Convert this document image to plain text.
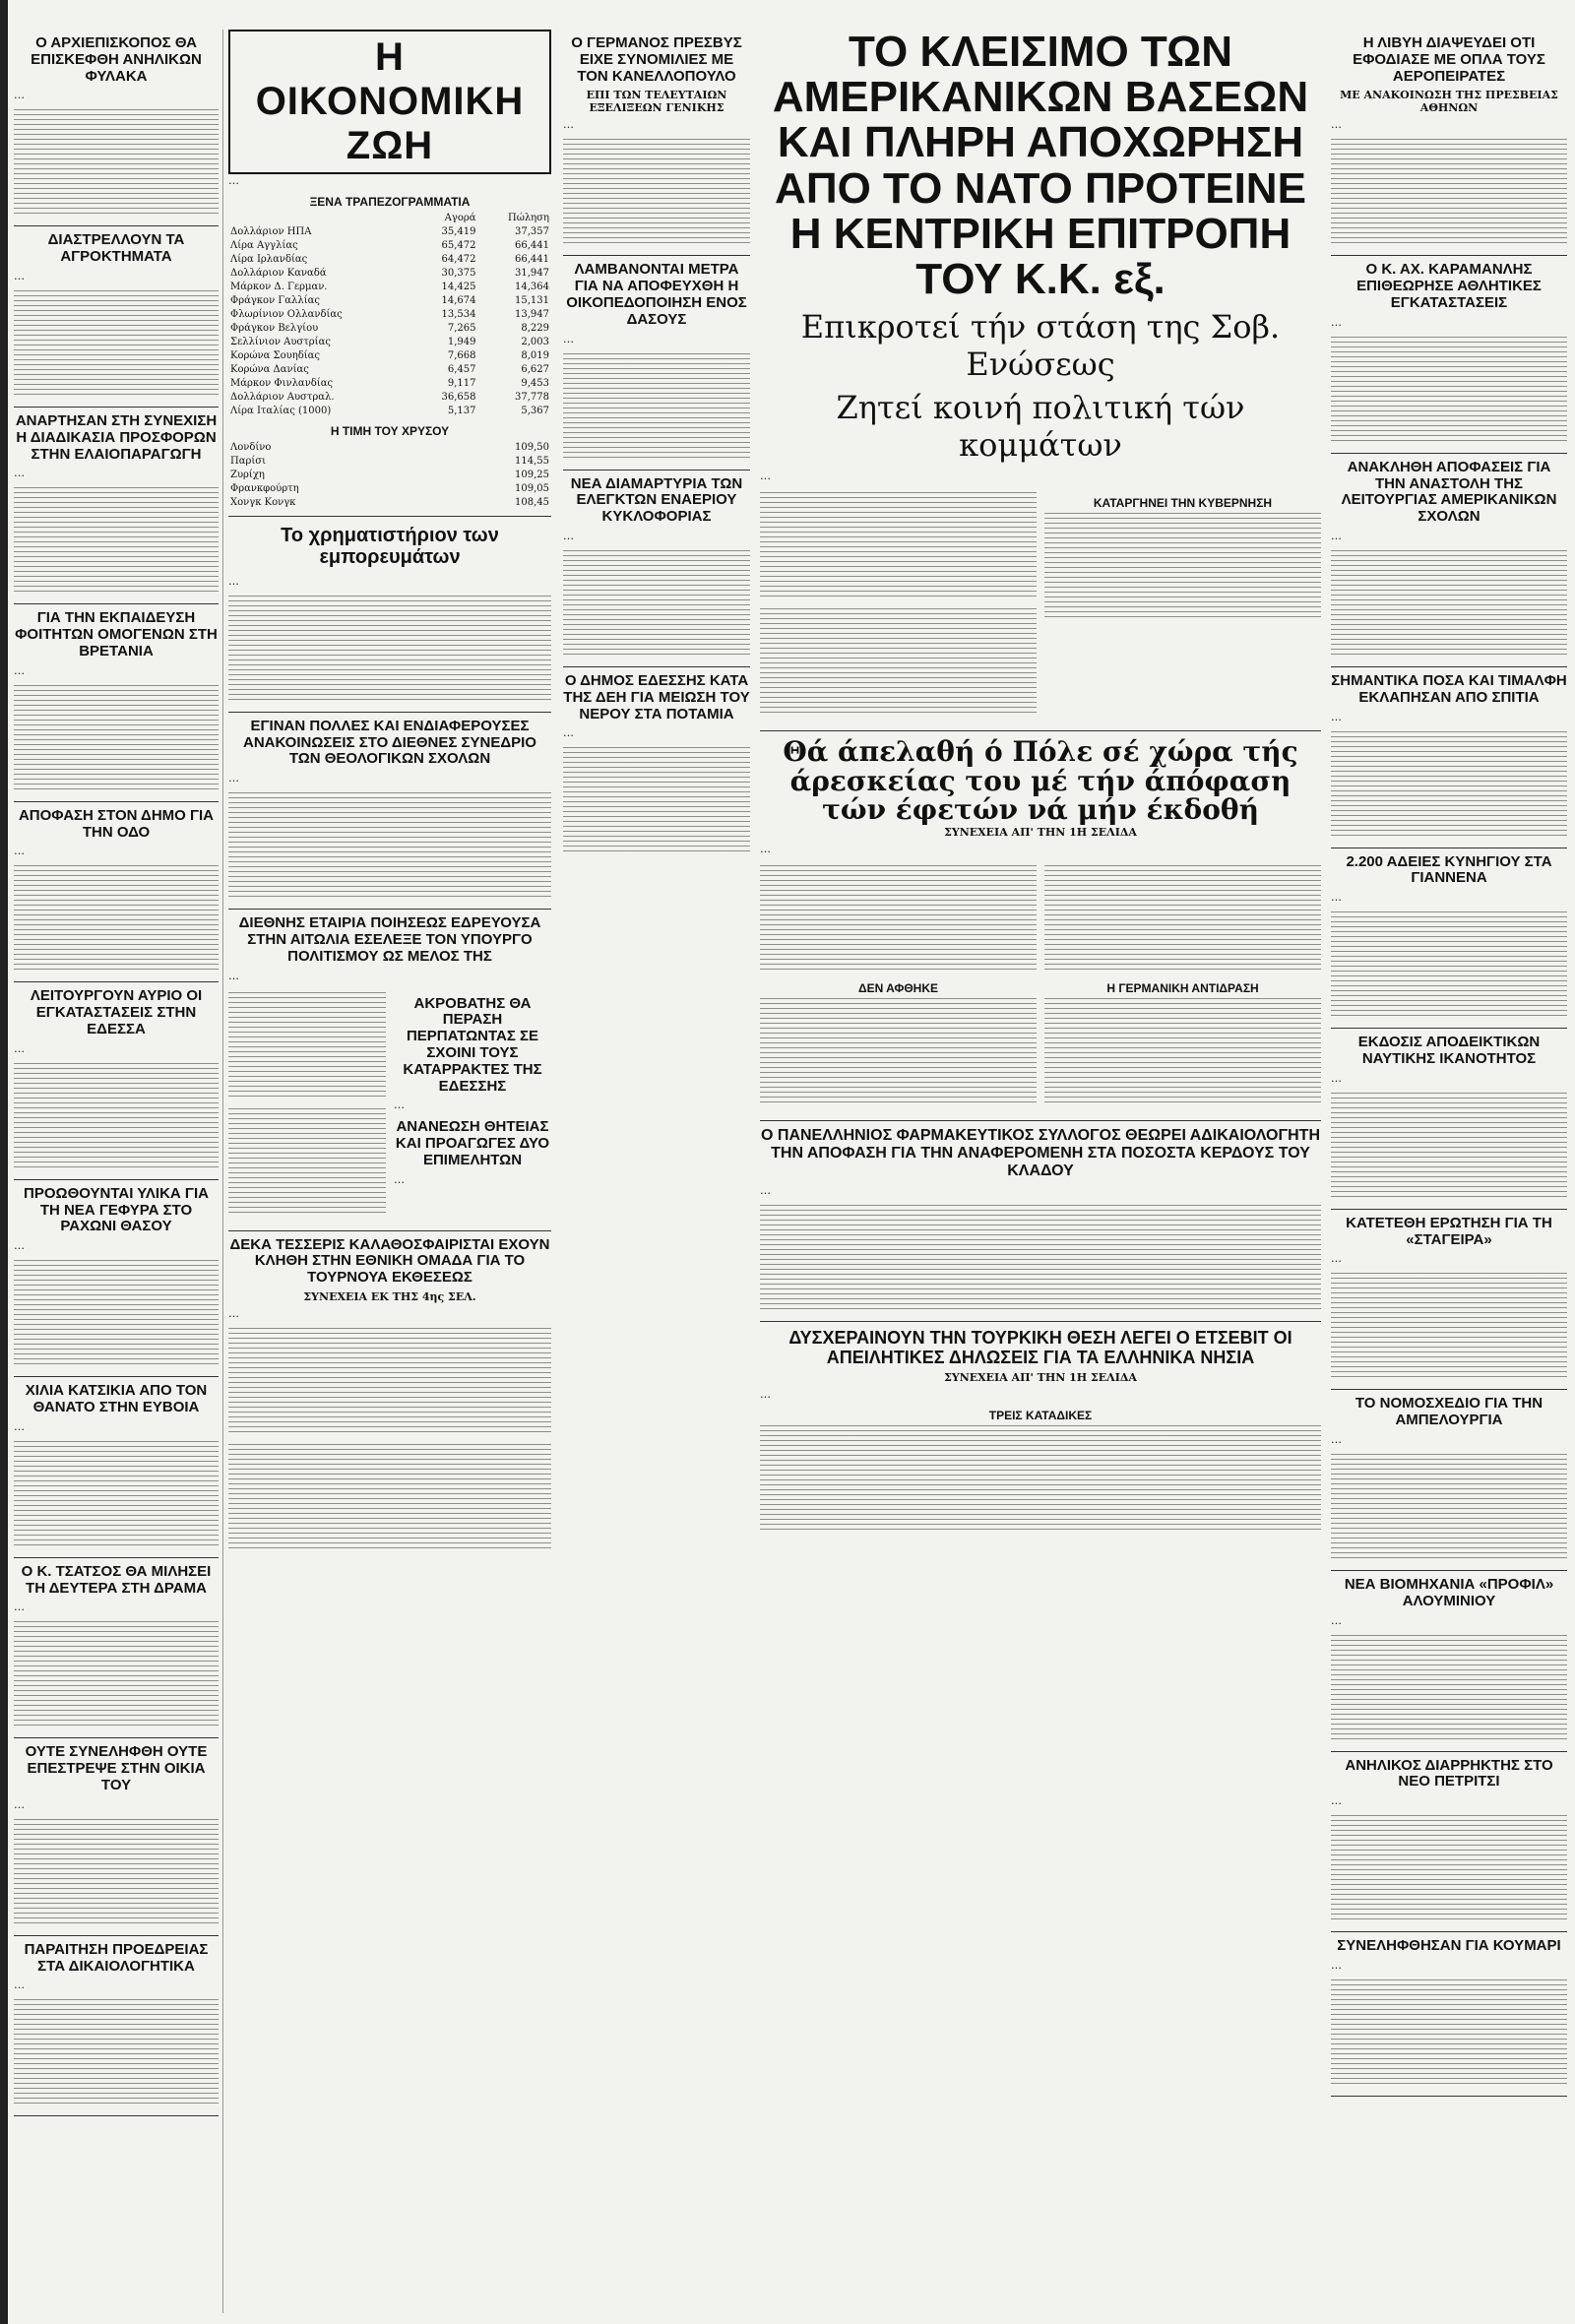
Ο ΑΡΧΙΕΠΙΣΚΟΠΟΣ ΘΑ ΕΠΙΣΚΕΦΘΗ ΑΝΗΛΙΚΩΝ ΦΥΛΑΚΑ

…

ΔΙΑΣΤΡΕΛΛΟΥΝ ΤΑ ΑΓΡΟΚΤΗΜΑΤΑ

…

ΑΝΑΡΤΗΣΑΝ ΣΤΗ ΣΥΝΕΧΙΣΗ Η ΔΙΑΔΙΚΑΣΙΑ ΠΡΟΣΦΟΡΩΝ ΣΤΗΝ ΕΛΑΙΟΠΑΡΑΓΩΓΗ

…

ΓΙΑ ΤΗΝ ΕΚΠΑΙΔΕΥΣΗ ΦΟΙΤΗΤΩΝ ΟΜΟΓΕΝΩΝ ΣΤΗ ΒΡΕΤΑΝΙΑ

…

ΑΠΟΦΑΣΗ ΣΤΟΝ ΔΗΜΟ ΓΙΑ ΤΗΝ ΟΔΟ

…

ΛΕΙΤΟΥΡΓΟΥΝ ΑΥΡΙΟ ΟΙ ΕΓΚΑΤΑΣΤΑΣΕΙΣ ΣΤΗΝ ΕΔΕΣΣΑ

…

ΠΡΟΩΘΟΥΝΤΑΙ ΥΛΙΚΑ ΓΙΑ ΤΗ ΝΕΑ ΓΕΦΥΡΑ ΣΤΟ ΡΑΧΩΝΙ ΘΑΣΟΥ

…

ΧΙΛΙΑ ΚΑΤΣΙΚΙΑ ΑΠΟ ΤΟΝ ΘΑΝΑΤΟ ΣΤΗΝ ΕΥΒΟΙΑ

…

Ο Κ. ΤΣΑΤΣΟΣ ΘΑ ΜΙΛΗΣΕΙ ΤΗ ΔΕΥΤΕΡΑ ΣΤΗ ΔΡΑΜΑ

…

ΟΥΤΕ ΣΥΝΕΛΗΦΘΗ ΟΥΤΕ ΕΠΕΣΤΡΕΨΕ ΣΤΗΝ ΟΙΚΙΑ ΤΟΥ

…

ΠΑΡΑΙΤΗΣΗ ΠΡΟΕΔΡΕΙΑΣ ΣΤΑ ΔΙΚΑΙΟΛΟΓΗΤΙΚΑ

…

Η ΟΙΚΟΝΟΜΙΚΗ ΖΩΗ

…

ΞΕΝΑ ΤΡΑΠΕΖΟΓΡΑΜΜΑΤΙΑ
	Αγορά	Πώληση
Δολλάριον ΗΠΑ	35,419	37,357
Λίρα Αγγλίας	65,472	66,441
Λίρα Ιρλανδίας	64,472	66,441
Δολλάριον Καναδά	30,375	31,947
Μάρκον Δ. Γερμαν.	14,425	14,364
Φράγκον Γαλλίας	14,674	15,131
Φλωρίνιον Ολλανδίας	13,534	13,947
Φράγκον Βελγίου	7,265	8,229
Σελλίνιον Αυστρίας	1,949	2,003
Κορώνα Σουηδίας	7,668	8,019
Κορώνα Δανίας	6,457	6,627
Μάρκον Φινλανδίας	9,117	9,453
Δολλάριον Αυστραλ.	36,658	37,778
Λίρα Ιταλίας (1000)	5,137	5,367
Η ΤΙΜΗ ΤΟΥ ΧΡΥΣΟΥ
Λονδίνο	109,50
Παρίσι	114,55
Ζυρίχη	109,25
Φρανκφούρτη	109,05
Χονγκ Κονγκ	108,45
Το χρηματιστήριον των εμπορευμάτων

…

ΕΓΙΝΑΝ ΠΟΛΛΕΣ ΚΑΙ ΕΝΔΙΑΦΕΡΟΥΣΕΣ ΑΝΑΚΟΙΝΩΣΕΙΣ ΣΤΟ ΔΙΕΘΝΕΣ ΣΥΝΕΔΡΙΟ ΤΩΝ ΘΕΟΛΟΓΙΚΩΝ ΣΧΟΛΩΝ

…

ΔΙΕΘΝΗΣ ΕΤΑΙΡΙΑ ΠΟΙΗΣΕΩΣ ΕΔΡΕΥΟΥΣΑ ΣΤΗΝ ΑΙΤΩΛΙΑ ΕΣΕΛΕΞΕ ΤΟΝ ΥΠΟΥΡΓΟ ΠΟΛΙΤΙΣΜΟΥ ΩΣ ΜΕΛΟΣ ΤΗΣ

…

ΑΚΡΟΒΑΤΗΣ ΘΑ ΠΕΡΑΣΗ ΠΕΡΠΑΤΩΝΤΑΣ ΣΕ ΣΧΟΙΝΙ ΤΟΥΣ ΚΑΤΑΡΡΑΚΤΕΣ ΤΗΣ ΕΔΕΣΣΗΣ

…

ΑΝΑΝΕΩΣΗ ΘΗΤΕΙΑΣ ΚΑΙ ΠΡΟΑΓΩΓΕΣ ΔΥΟ ΕΠΙΜΕΛΗΤΩΝ

…

ΔΕΚΑ ΤΕΣΣΕΡΙΣ ΚΑΛΑΘΟΣΦΑΙΡΙΣΤΑΙ ΕΧΟΥΝ ΚΛΗΘΗ ΣΤΗΝ ΕΘΝΙΚΗ ΟΜΑΔΑ ΓΙΑ ΤΟ ΤΟΥΡΝΟΥΑ ΕΚΘΕΣΕΩΣ
ΣΥΝΕΧΕΙΑ ΕΚ ΤΗΣ 4ης ΣΕΛ.

…

Ο ΓΕΡΜΑΝΟΣ ΠΡΕΣΒΥΣ ΕΙΧΕ ΣΥΝΟΜΙΛΙΕΣ ΜΕ ΤΟΝ ΚΑΝΕΛΛΟΠΟΥΛΟ
ΕΠΙ ΤΩΝ ΤΕΛΕΥΤΑΙΩΝ ΕΞΕΛΙΞΕΩΝ ΓΕΝΙΚΗΣ

…

ΛΑΜΒΑΝΟΝΤΑΙ ΜΕΤΡΑ ΓΙΑ ΝΑ ΑΠΟΦΕΥΧΘΗ Η ΟΙΚΟΠΕΔΟΠΟΙΗΣΗ ΕΝΟΣ ΔΑΣΟΥΣ

…

ΝΕΑ ΔΙΑΜΑΡΤΥΡΙΑ ΤΩΝ ΕΛΕΓΚΤΩΝ ΕΝΑΕΡΙΟΥ ΚΥΚΛΟΦΟΡΙΑΣ

…

Ο ΔΗΜΟΣ ΕΔΕΣΣΗΣ ΚΑΤΑ ΤΗΣ ΔΕΗ ΓΙΑ ΜΕΙΩΣΗ ΤΟΥ ΝΕΡΟΥ ΣΤΑ ΠΟΤΑΜΙΑ

…

ΤΟ ΚΛΕΙΣΙΜΟ ΤΩΝ ΑΜΕΡΙΚΑΝΙΚΩΝ ΒΑΣΕΩΝ ΚΑΙ ΠΛΗΡΗ ΑΠΟΧΩΡΗΣΗ ΑΠΟ ΤΟ ΝΑΤΟ ΠΡΟΤΕΙΝΕ Η ΚΕΝΤΡΙΚΗ ΕΠΙΤΡΟΠΗ ΤΟΥ Κ.Κ. εξ.
Επικροτεί τήν στάση της Σοβ. Ενώσεως
Ζητεί κοινή πολιτική τών κομμάτων

…

ΚΑΤΑΡΓΗΝΕΙ ΤΗΝ ΚΥΒΕΡΝΗΣΗ
Θά άπελαθή ό Πόλε σέ χώρα τής άρεσκείας του μέ τήν άπόφαση τών έφετών νά μήν έκδοθή
ΣΥΝΕΧΕΙΑ ΑΠ' ΤΗΝ 1Η ΣΕΛΙΔΑ

…

ΔΕΝ ΑΦΘΗΚΕ	Η ΓΕΡΜΑΝΙΚΗ ΑΝΤΙΔΡΑΣΗ
Ο ΠΑΝΕΛΛΗΝΙΟΣ ΦΑΡΜΑΚΕΥΤΙΚΟΣ ΣΥΛΛΟΓΟΣ ΘΕΩΡΕΙ ΑΔΙΚΑΙΟΛΟΓΗΤΗ ΤΗΝ ΑΠΟΦΑΣΗ ΓΙΑ ΤΗΝ ΑΝΑΦΕΡΟΜΕΝΗ ΣΤΑ ΠΟΣΟΣΤΑ ΚΕΡΔΟΥΣ ΤΟΥ ΚΛΑΔΟΥ

…

ΔΥΣΧΕΡΑΙΝΟΥΝ ΤΗΝ ΤΟΥΡΚΙΚΗ ΘΕΣΗ ΛΕΓΕΙ Ο ΕΤΣΕΒΙΤ ΟΙ ΑΠΕΙΛΗΤΙΚΕΣ ΔΗΛΩΣΕΙΣ ΓΙΑ ΤΑ ΕΛΛΗΝΙΚΑ ΝΗΣΙΑ
ΣΥΝΕΧΕΙΑ ΑΠ' ΤΗΝ 1Η ΣΕΛΙΔΑ

…

ΤΡΕΙΣ ΚΑΤΑΔΙΚΕΣ
Η ΛΙΒΥΗ ΔΙΑΨΕΥΔΕΙ ΟΤΙ ΕΦΟΔΙΑΣΕ ΜΕ ΟΠΛΑ ΤΟΥΣ ΑΕΡΟΠΕΙΡΑΤΕΣ
ΜΕ ΑΝΑΚΟΙΝΩΣΗ ΤΗΣ ΠΡΕΣΒΕΙΑΣ ΑΘΗΝΩΝ

…

Ο Κ. ΑΧ. ΚΑΡΑΜΑΝΛΗΣ ΕΠΙΘΕΩΡΗΣΕ ΑΘΛΗΤΙΚΕΣ ΕΓΚΑΤΑΣΤΑΣΕΙΣ

…

ΑΝΑΚΛΗΘΗ ΑΠΟΦΑΣΕΙΣ ΓΙΑ ΤΗΝ ΑΝΑΣΤΟΛΗ ΤΗΣ ΛΕΙΤΟΥΡΓΙΑΣ ΑΜΕΡΙΚΑΝΙΚΩΝ ΣΧΟΛΩΝ

…

ΣΗΜΑΝΤΙΚΑ ΠΟΣΑ ΚΑΙ ΤΙΜΑΛΦΗ ΕΚΛΑΠΗΣΑΝ ΑΠΟ ΣΠΙΤΙΑ

…

2.200 ΑΔΕΙΕΣ ΚΥΝΗΓΙΟΥ ΣΤΑ ΓΙΑΝΝΕΝΑ

…

ΕΚΔΟΣΙΣ ΑΠΟΔΕΙΚΤΙΚΩΝ ΝΑΥΤΙΚΗΣ ΙΚΑΝΟΤΗΤΟΣ

…

ΚΑΤΕΤΕΘΗ ΕΡΩΤΗΣΗ ΓΙΑ ΤΗ «ΣΤΑΓΕΙΡΑ»

…

ΤΟ ΝΟΜΟΣΧΕΔΙΟ ΓΙΑ ΤΗΝ ΑΜΠΕΛΟΥΡΓΙΑ

…

ΝΕΑ ΒΙΟΜΗΧΑΝΙΑ «ΠΡΟΦΙΛ» ΑΛΟΥΜΙΝΙΟΥ

…

ΑΝΗΛΙΚΟΣ ΔΙΑΡΡΗΚΤΗΣ ΣΤΟ ΝΕΟ ΠΕΤΡΙΤΣΙ

…

ΣΥΝΕΛΗΦΘΗΣΑΝ ΓΙΑ ΚΟΥΜΑΡΙ

…
